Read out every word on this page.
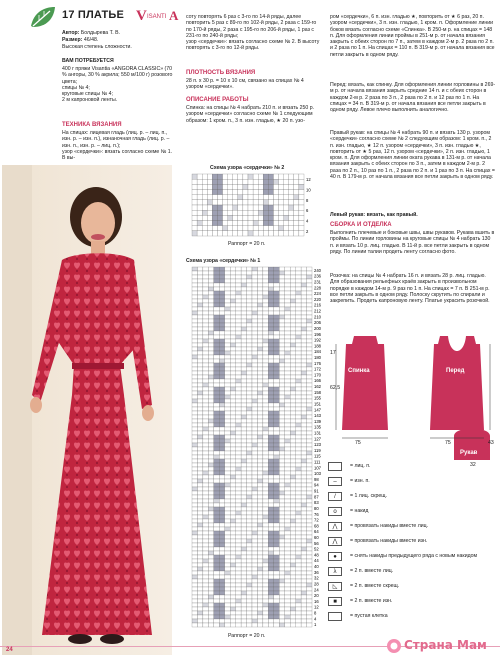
17 ПЛАТЬЕ V ISANTI A
Автор: Болдырева Т. В.
Размер: 46/48.
Высокая степень сложности.
ВАМ ПОТРЕБУЕТСЯ
400 г пряжи Visantia «ANGORA CLASSIC» (70 % ангоры, 30 % акрила; 550 м/100 г) розового цвета;
спицы № 4;
круговые спицы № 4;
2 м капроновой ленты.
ТЕХНИКА ВЯЗАНИЯ
На спицах: лицевая гладь (лиц. р. – лиц. п., изн. р. – изн. п.), изнаночная гладь (лиц. р. – изн. п., изн. р. – лиц. п.);
узор «сердечки»: вязать согласно схеме № 1. В вы-
соту повторять 6 раз с 3-го по 14-й ряды, далее повторить 5 раз с 89-го по 102-й ряды, 2 раза с 159-го по 170-й ряды, 2 раза с 195-го по 206-й ряды, 1 раз с 231-го по 240-й ряды;
узор «сердечки»: вязать согласно схеме № 2. В высоту повторять с 3-го по 12-й ряды.
ПЛОТНОСТЬ ВЯЗАНИЯ
28 п. х 30 р. = 10 х 10 см, связано на спицах № 4 узором «сердечки».
ОПИСАНИЕ РАБОТЫ
Спинка: на спицы № 4 набрать 210 п. и вязать 250 р. узором «сердечки» согласно схеме № 1 следующим образом: 1 кром. п., 3 п. изн. гладью, ★ 20 п. узо-
Схема узора «сердечки» № 2
12
10
8
6
4
2
Раппорт = 20 п.
Схема узора «сердечки» № 1
240
236
231
228
224
220
216
212
210
206
200
196
192
188
184
180
176
172
170
166
162
158
155
151
147
143
139
135
131
127
123
119
115
111
107
103
98
94
91
87
83
80
76
72
68
64
60
56
52
48
44
40
36
32
28
24
20
16
12
8
4
1
Раппорт = 20 п.
ром «сердечки», 6 п. изн. гладью ★, повторить от ★ 6 раз, 20 п. узором «сердечки», 3 п. изн. гладью, 1 кром. п. Оформление линии боков вязать согласно схеме «Спинка». В 250-м р. на спицах = 148 п. Для оформления линии проймы в 251-м р. от начала вязания закрыть с обеих сторон по 7 п., затем в каждом 2-м р. 2 раза по 2 п. и 2 раза по 1 п. На спицах = 110 п. В 319-м р. от начала вязания все петли закрыть в одном ряду.
Перед: вязать, как спинку. Для оформления линии горловины в 269-м р. от начала вязания закрыть средние 14 п. и с обеих сторон в каждом 2-м р. 2 раза по 3 п., 2 раза по 2 п. и 12 раз по 1 п. На спицах = 34 п. В 319-м р. от начала вязания все петли закрыть в одном ряду. Левое плечо выполнить аналогично.
Правый рукав: на спицы № 4 набрать 90 п. и вязать 130 р. узором «сердечки» согласно схеме № 2 следующим образом: 1 кром. п., 2 п. изн. гладью, ★ 12 п. узором «сердечки», 3 п. изн. гладью ★, повторить от ★ 5 раз, 12 п. узором «сердечки», 2 п. изн. гладью, 1 кром. п. Для оформления линии оката рукава в 131-м р. от начала вязания закрыть с обеих сторон по 3 п., затем в каждом 2-м р. 2 раза по 2 п., 10 раз по 1 п., 2 раза по 2 п. и 1 раз по 3 п. На спицах = 40 п. В 179-м р. от начала вязания все петли закрыть в одном ряду.
Левый рукав: вязать, как правый.
СБОРКА И ОТДЕЛКА
Выполнить плечевые и боковые швы, швы рукавов. Рукава вшить в проймы. По линии горловины на круговые спицы № 4 набрать 130 п. и вязать 10 р. лиц. гладью. В 11-й р. все петли закрыть в одном ряду. По линии талии продеть ленту согласно фото.
Розочка: на спицы № 4 набрать 16 п. и вязать 28 р. лиц. гладью. Для образования рельефных краёв закрыть в произвольном порядке в каждом 14-м р. 9 раз по 1 п. На спицах = 7 п. В 251-м р. все петли закрыть в одном ряду. Полоску скрутить по спирали и закрепить. Продеть капроновую ленту. Платье украсить розочкой.
Спинка	Перед
Рукав
75	75
62,5
17
32
43
= лиц. п.
–	= изн. п.
/	= 1 лиц. скрещ.
о	= накид
⋀	= провязать накиды вместе лиц.
⋀	= провязать накиды вместе изн.
●	= снять накиды предыдущего ряда с новым накидом
λ	= 2 п. вместе лиц.
◺	= 2 п. вместе скрещ.
■	= 2 п. вместе изн.
= пустая клетка
24	Страна Мам
